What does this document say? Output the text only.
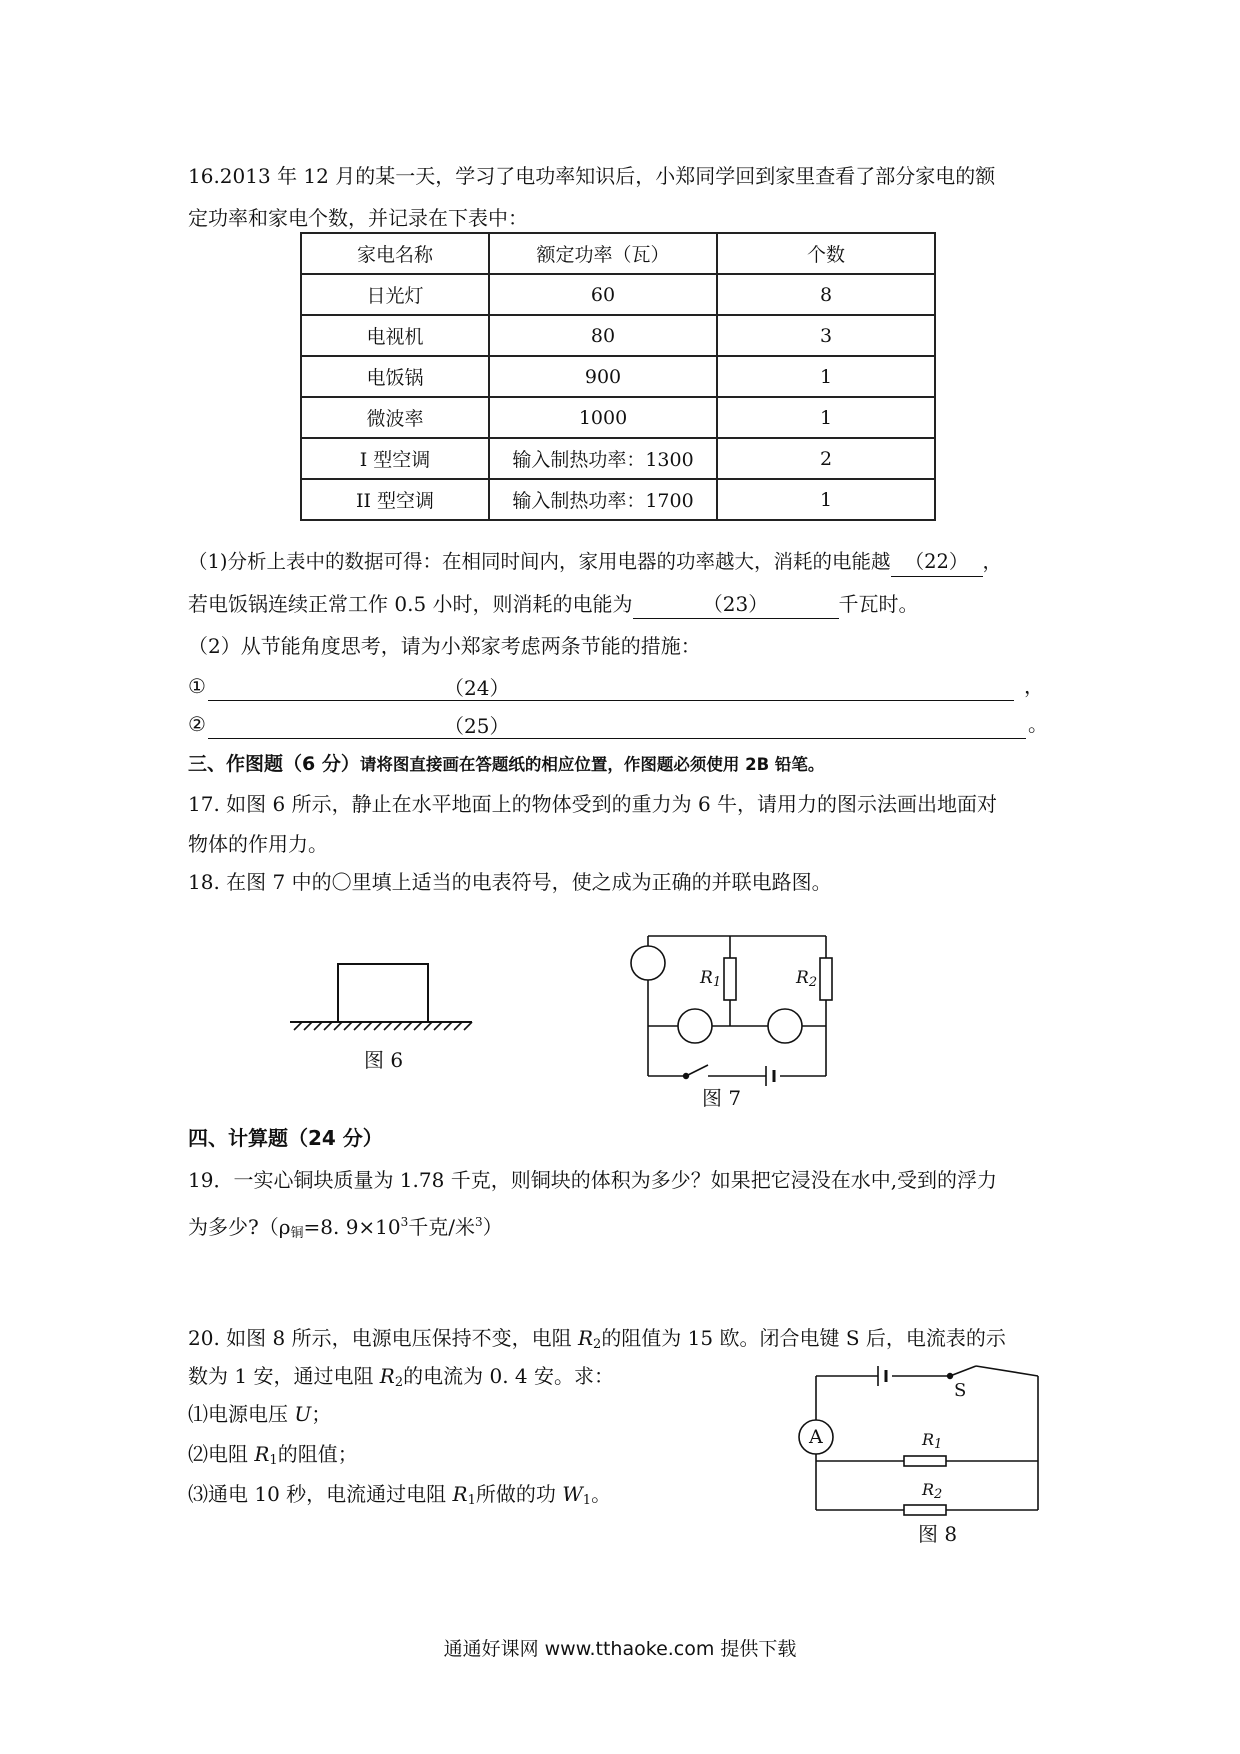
16.2013 年 12 月的某一天，学习了电功率知识后，小郑同学回到家里查看了部分家电的额
定功率和家电个数，并记录在下表中：
家电名称	额定功率（瓦）	个数
日光灯	60	8
电视机	80	3
电饭锅	900	1
微波率	1000	1
I 型空调	输入制热功率：1300	2
II 型空调	输入制热功率：1700	1
（1)分析上表中的数据可得：在相同时间内，家用电器的功率越大，消耗的电能越 （22） ，
若电饭锅连续正常工作 0.5 小时，则消耗的电能为	（23）	千瓦时。
（2）从节能角度思考，请为小郑家考虑两条节能的措施：
①	（24）	，
②	（25）	。
三、作图题（6 分）请将图直接画在答题纸的相应位置，作图题必须使用 2B 铅笔。
17. 如图 6 所示，静止在水平地面上的物体受到的重力为 6 牛，请用力的图示法画出地面对
物体的作用力。
18. 在图 7 中的〇里填上适当的电表符号，使之成为正确的并联电路图。
图 6
$R_1$	$R_2$
图 7
四、计算题（24 分）
19．一实心铜块质量为 1.78 千克，则铜块的体积为多少？如果把它浸没在水中,受到的浮力
为多少$?(\rho_铜=8$. $9\times 10^3$千克/米$^3$）
20. 如图 8 所示，电源电压保持不变，电阻 $R_2$的阻值为 15 欧。闭合电键 S 后，电流表的示
数为 1 安，通过电阻 $R_2$的电流为 0. 4 安。求：
⑴电源电压 U；
⑵电阻 $R_1$的阻值；
⑶通电 10 秒，电流通过电阻 $R_1$所做的功 $W_1$。
A
S
$R_1$
$R_2$
图 8
通通好课网 www.tthaoke.com 提供下载
